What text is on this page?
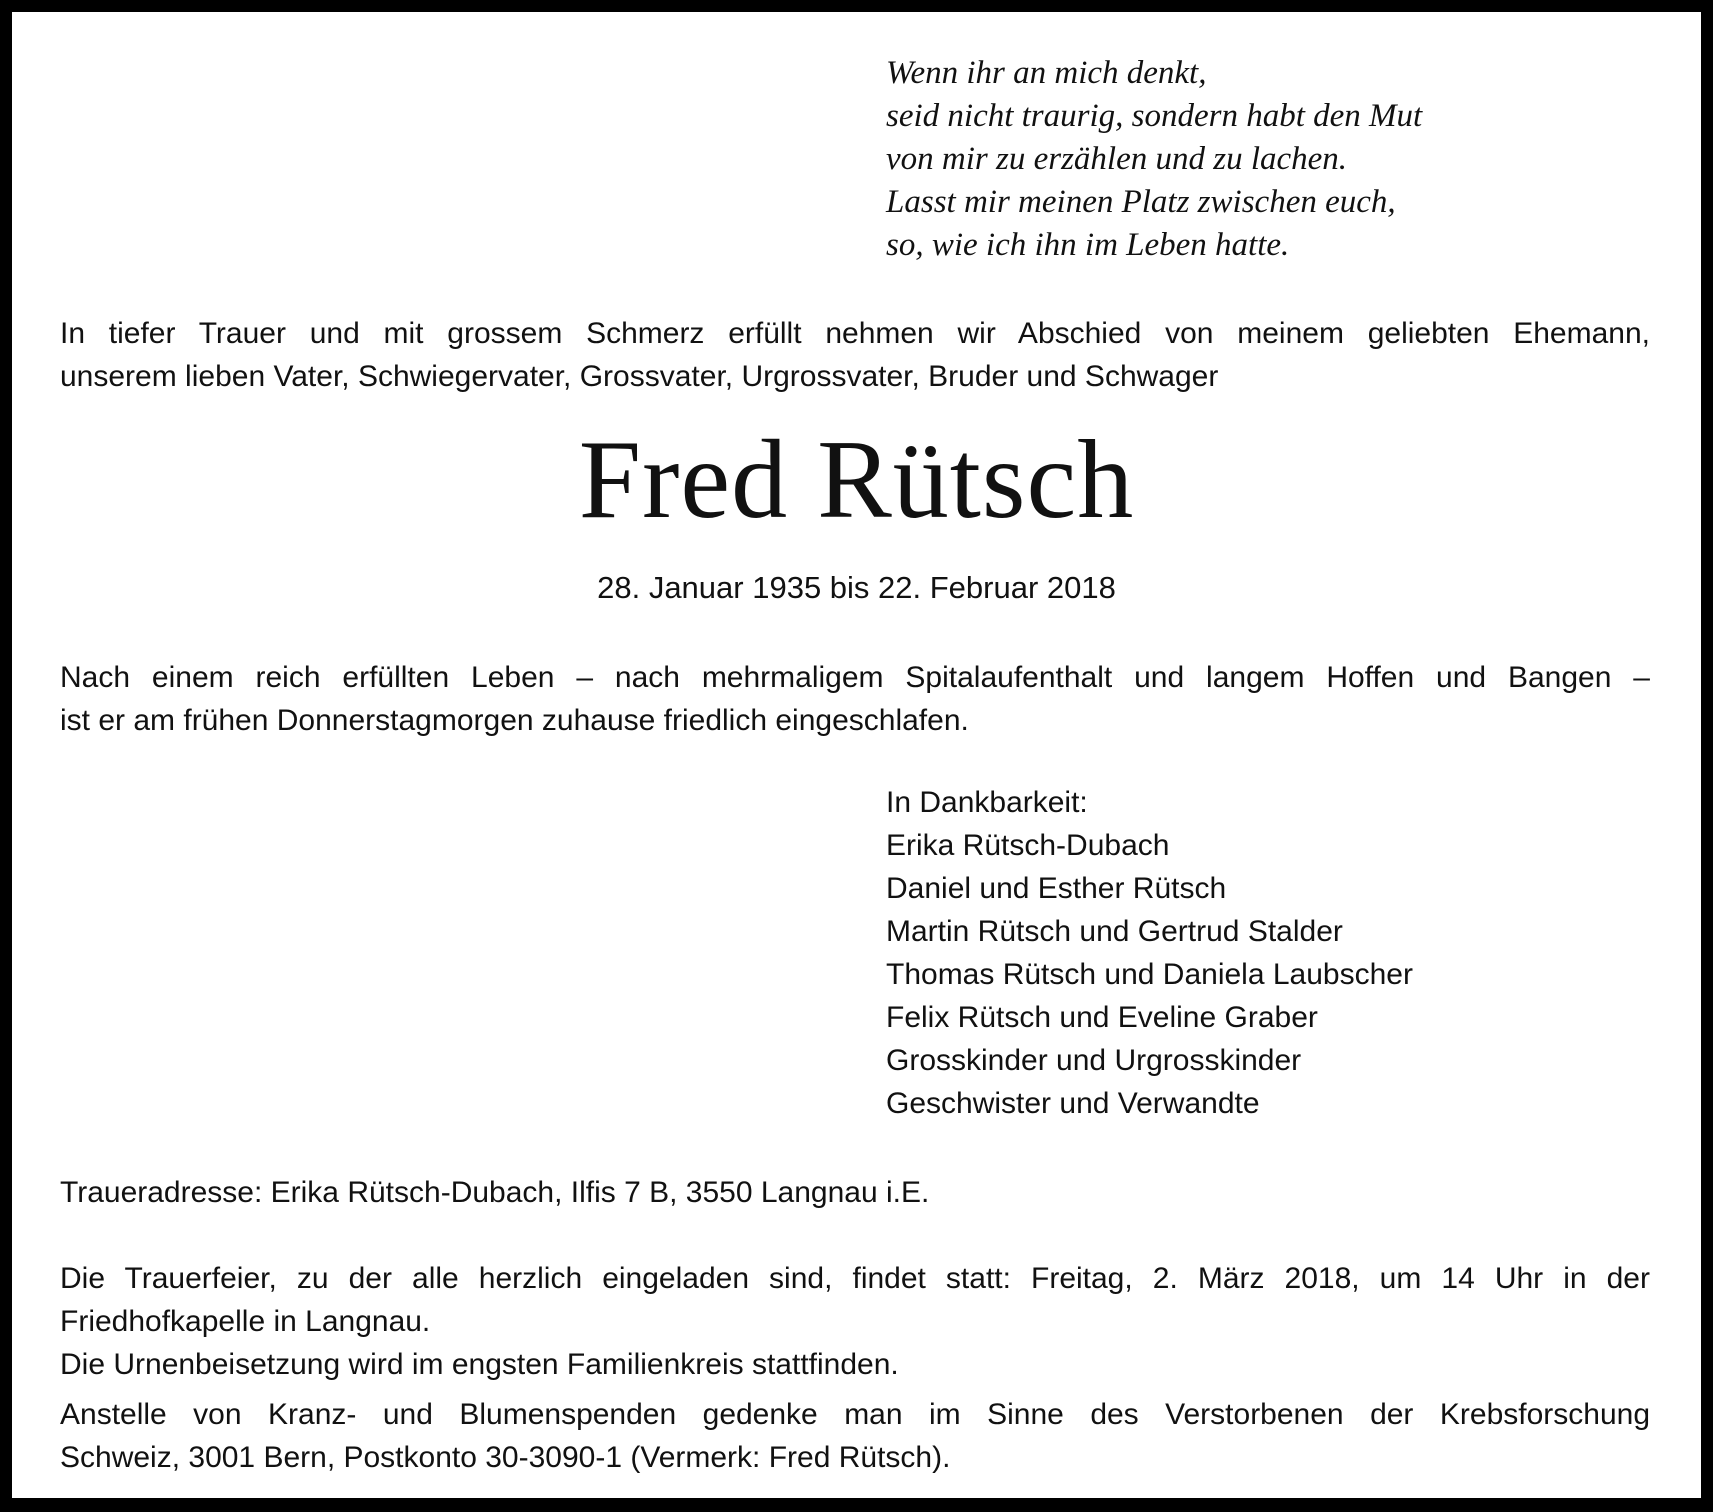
Wenn ihr an mich denkt,
seid nicht traurig, sondern habt den Mut
von mir zu erzählen und zu lachen.
Lasst mir meinen Platz zwischen euch,
so, wie ich ihn im Leben hatte.
In tiefer Trauer und mit grossem Schmerz erfüllt nehmen wir Abschied von meinem geliebten Ehemann,
unserem lieben Vater, Schwiegervater, Grossvater, Urgrossvater, Bruder und Schwager
Fred Rütsch
28. Januar 1935 bis 22. Februar 2018
Nach einem reich erfüllten Leben – nach mehrmaligem Spitalaufenthalt und langem Hoffen und Bangen –
ist er am frühen Donnerstagmorgen zuhause friedlich eingeschlafen.
In Dankbarkeit:
Erika Rütsch-Dubach
Daniel und Esther Rütsch
Martin Rütsch und Gertrud Stalder
Thomas Rütsch und Daniela Laubscher
Felix Rütsch und Eveline Graber
Grosskinder und Urgrosskinder
Geschwister und Verwandte
Traueradresse: Erika Rütsch-Dubach, Ilfis 7 B, 3550 Langnau i.E.
Die Trauerfeier, zu der alle herzlich eingeladen sind, findet statt: Freitag, 2. März 2018, um 14 Uhr in der
Friedhofkapelle in Langnau.
Die Urnenbeisetzung wird im engsten Familienkreis stattfinden.
Anstelle von Kranz- und Blumenspenden gedenke man im Sinne des Verstorbenen der Krebsforschung
Schweiz, 3001 Bern, Postkonto 30-3090-1 (Vermerk: Fred Rütsch).
